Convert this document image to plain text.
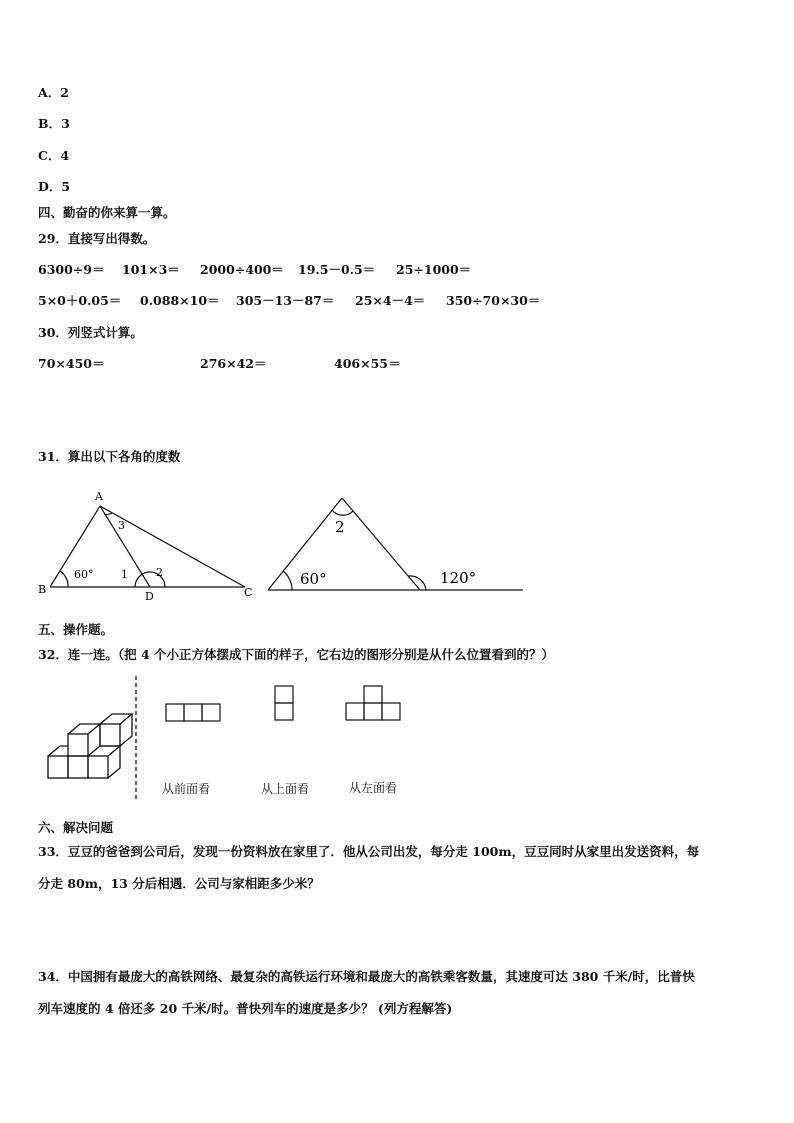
A．2
B．3
C．4
D．5
四、勤奋的你来算一算。
29．直接写出得数。
6300÷9＝ 101×3＝ 2000÷400＝ 19.5－0.5＝ 25÷1000＝
5×0＋0.05＝ 0.088×10＝ 305－13－87＝ 25×4－4＝ 350÷70×30＝
30．列竖式计算。
70×450＝	276×42＝	406×55＝
31．算出以下各角的度数
A
B	C
D
60°	1	2
3	2
60°	120°
五、操作题。
32．连一连。（把 4 个小正方体摆成下面的样子，它右边的图形分别是从什么位置看到的？）
从前面看	从上面看	从左面看
六、解决问题
33．豆豆的爸爸到公司后，发现一份资料放在家里了．他从公司出发，每分走 100m，豆豆同时从家里出发送资料，每
分走 80m，13 分后相遇．公司与家相距多少米？
34．中国拥有最庞大的高铁网络、最复杂的高铁运行环境和最庞大的高铁乘客数量，其速度可达 380 千米/时，比普快
列车速度的 4 倍还多 20 千米/时。普快列车的速度是多少？ (列方程解答)
